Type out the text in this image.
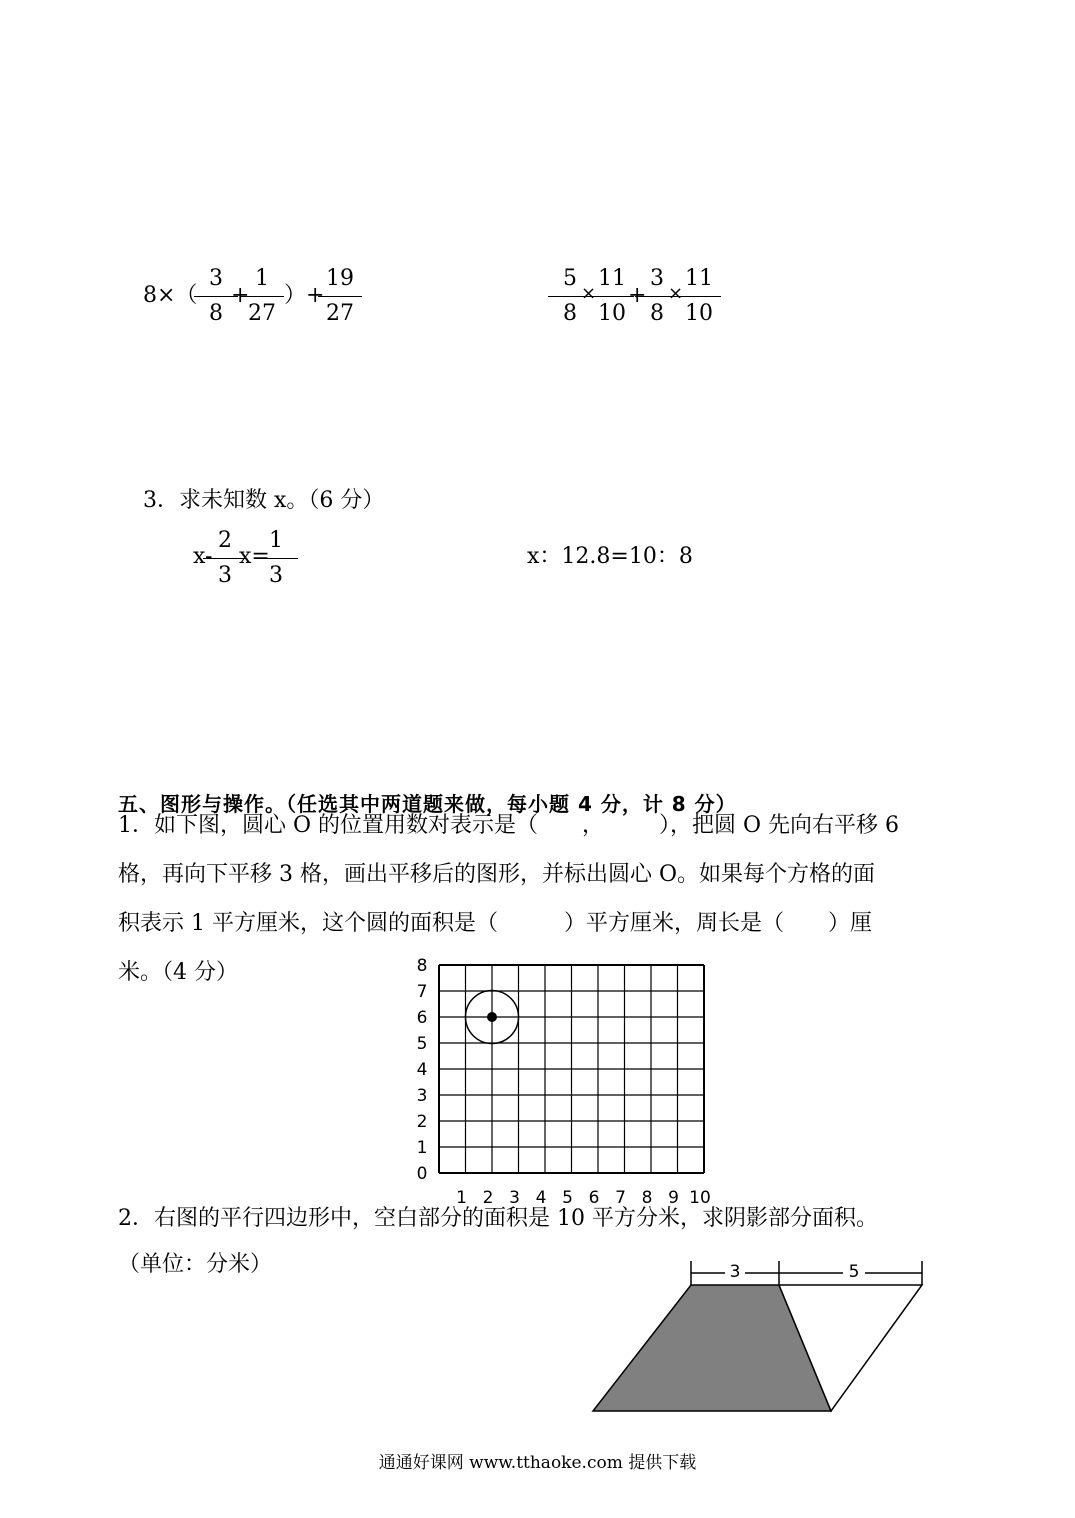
8×（
3
8
+
1
27
）+
19
27
5
8
×
11
10
+
3
8
×
11
10
3．求未知数 x。（6 分）
x-
2
3
x=
1
3
x：12.8=10：8
五、图形与操作。（任选其中两道题来做，每小题 4 分，计 8 分）
1．如下图，圆心 O 的位置用数对表示是（　　，　　　），把圆 O 先向右平移 6
格，再向下平移 3 格，画出平移后的图形，并标出圆心 O。如果每个方格的面
积表示 1 平方厘米，这个圆的面积是（　　　）平方厘米，周长是（　　）厘
米。（4 分）	8
7
6
5
4
3
2
1
0
1 2 3 4 5 6 7 8 9 10
2．右图的平行四边形中，空白部分的面积是 10 平方分米，求阴影部分面积。
（单位：分米）	3	5
通通好课网 www.tthaoke.com 提供下载
